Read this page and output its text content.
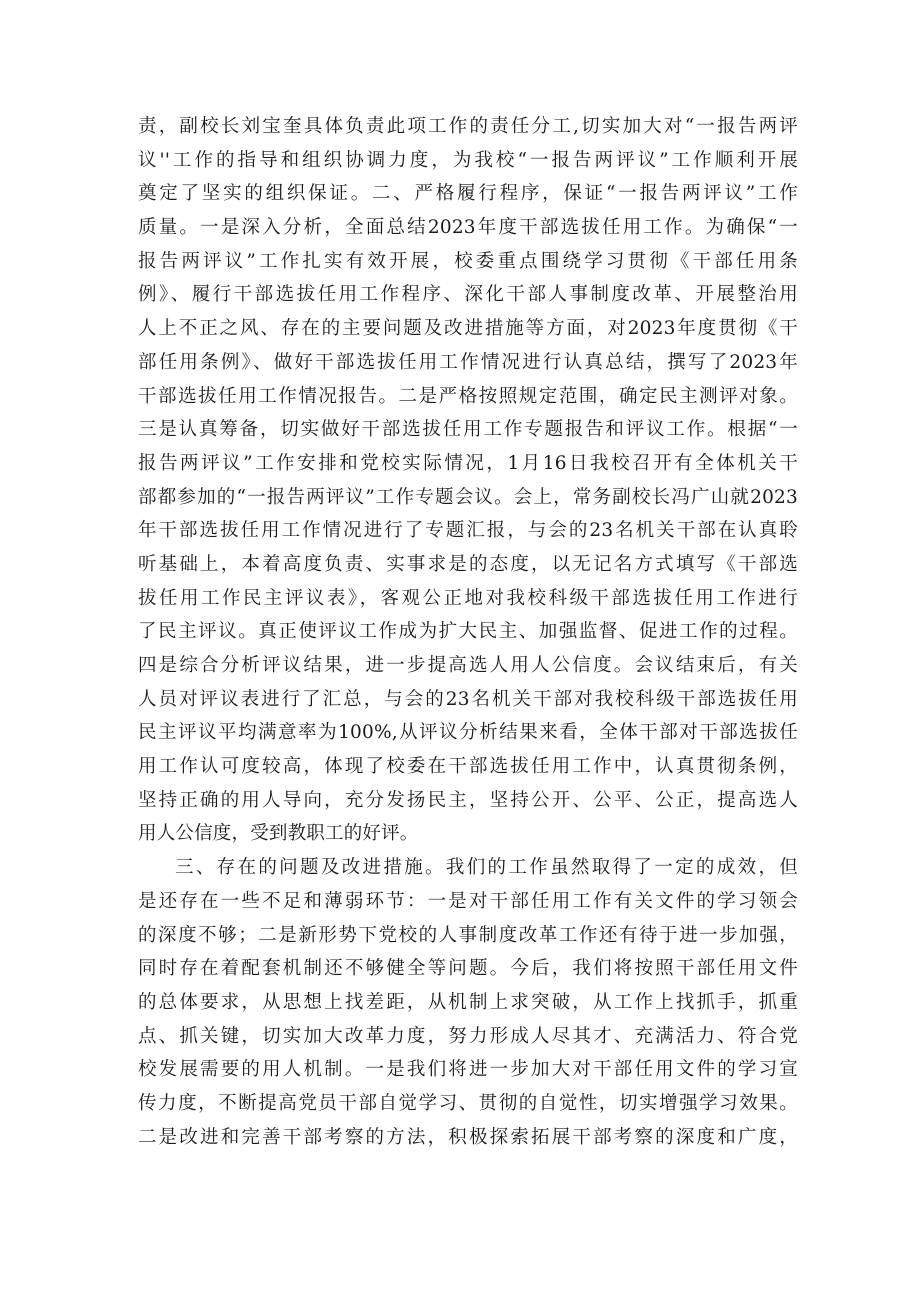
责，副校长刘宝奎具体负责此项工作的责任分工,切实加大对“一报告两评
议''工作的指导和组织协调力度，为我校“一报告两评议”工作顺利开展
奠定了坚实的组织保证。二、严格履行程序，保证“一报告两评议”工作
质量。一是深入分析，全面总结2023年度干部选拔任用工作。为确保“一
报告两评议”工作扎实有效开展，校委重点围绕学习贯彻《干部任用条
例》、履行干部选拔任用工作程序、深化干部人事制度改革、开展整治用
人上不正之风、存在的主要问题及改进措施等方面，对2023年度贯彻《干
部任用条例》、做好干部选拔任用工作情况进行认真总结，撰写了2023年
干部选拔任用工作情况报告。二是严格按照规定范围，确定民主测评对象。
三是认真筹备，切实做好干部选拔任用工作专题报告和评议工作。根据“一
报告两评议”工作安排和党校实际情况，1月16日我校召开有全体机关干
部都参加的“一报告两评议”工作专题会议。会上，常务副校长冯广山就2023
年干部选拔任用工作情况进行了专题汇报，与会的23名机关干部在认真聆
听基础上，本着高度负责、实事求是的态度，以无记名方式填写《干部选
拔任用工作民主评议表》，客观公正地对我校科级干部选拔任用工作进行
了民主评议。真正使评议工作成为扩大民主、加强监督、促进工作的过程。
四是综合分析评议结果，进一步提高选人用人公信度。会议结束后，有关
人员对评议表进行了汇总，与会的23名机关干部对我校科级干部选拔任用
民主评议平均满意率为100%,从评议分析结果来看，全体干部对干部选拔任
用工作认可度较高，体现了校委在干部选拔任用工作中，认真贯彻条例，
坚持正确的用人导向，充分发扬民主，坚持公开、公平、公正，提高选人
用人公信度，受到教职工的好评。
三、存在的问题及改进措施。我们的工作虽然取得了一定的成效，但
是还存在一些不足和薄弱环节：一是对干部任用工作有关文件的学习领会
的深度不够；二是新形势下党校的人事制度改革工作还有待于进一步加强，
同时存在着配套机制还不够健全等问题。今后，我们将按照干部任用文件
的总体要求，从思想上找差距，从机制上求突破，从工作上找抓手，抓重
点、抓关键，切实加大改革力度，努力形成人尽其才、充满活力、符合党
校发展需要的用人机制。一是我们将进一步加大对干部任用文件的学习宣
传力度，不断提高党员干部自觉学习、贯彻的自觉性，切实增强学习效果。
二是改进和完善干部考察的方法，积极探索拓展干部考察的深度和广度，
